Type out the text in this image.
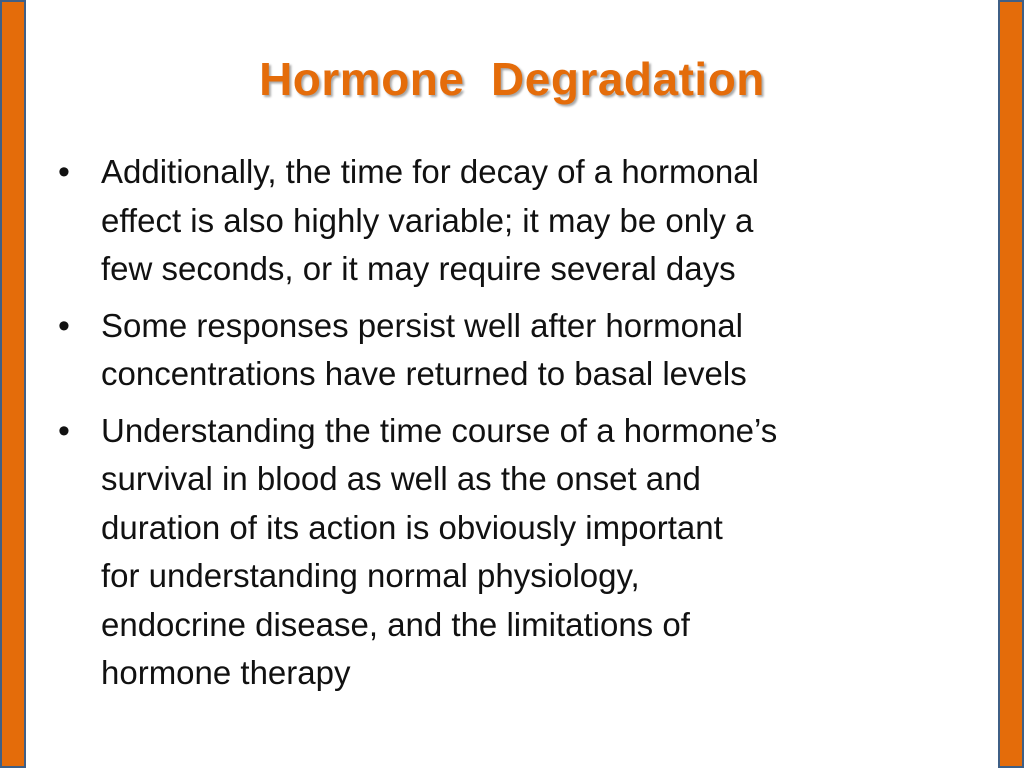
Hormone  Degradation
• Additionally, the time for decay of a hormonal
effect is also highly variable; it may be only a
few seconds, or it may require several days
• Some responses persist well after hormonal
concentrations have returned to basal levels
• Understanding the time course of a hormone’s
survival in blood as well as the onset and
duration of its action is obviously important
for understanding normal physiology,
endocrine disease, and the limitations of
hormone therapy
